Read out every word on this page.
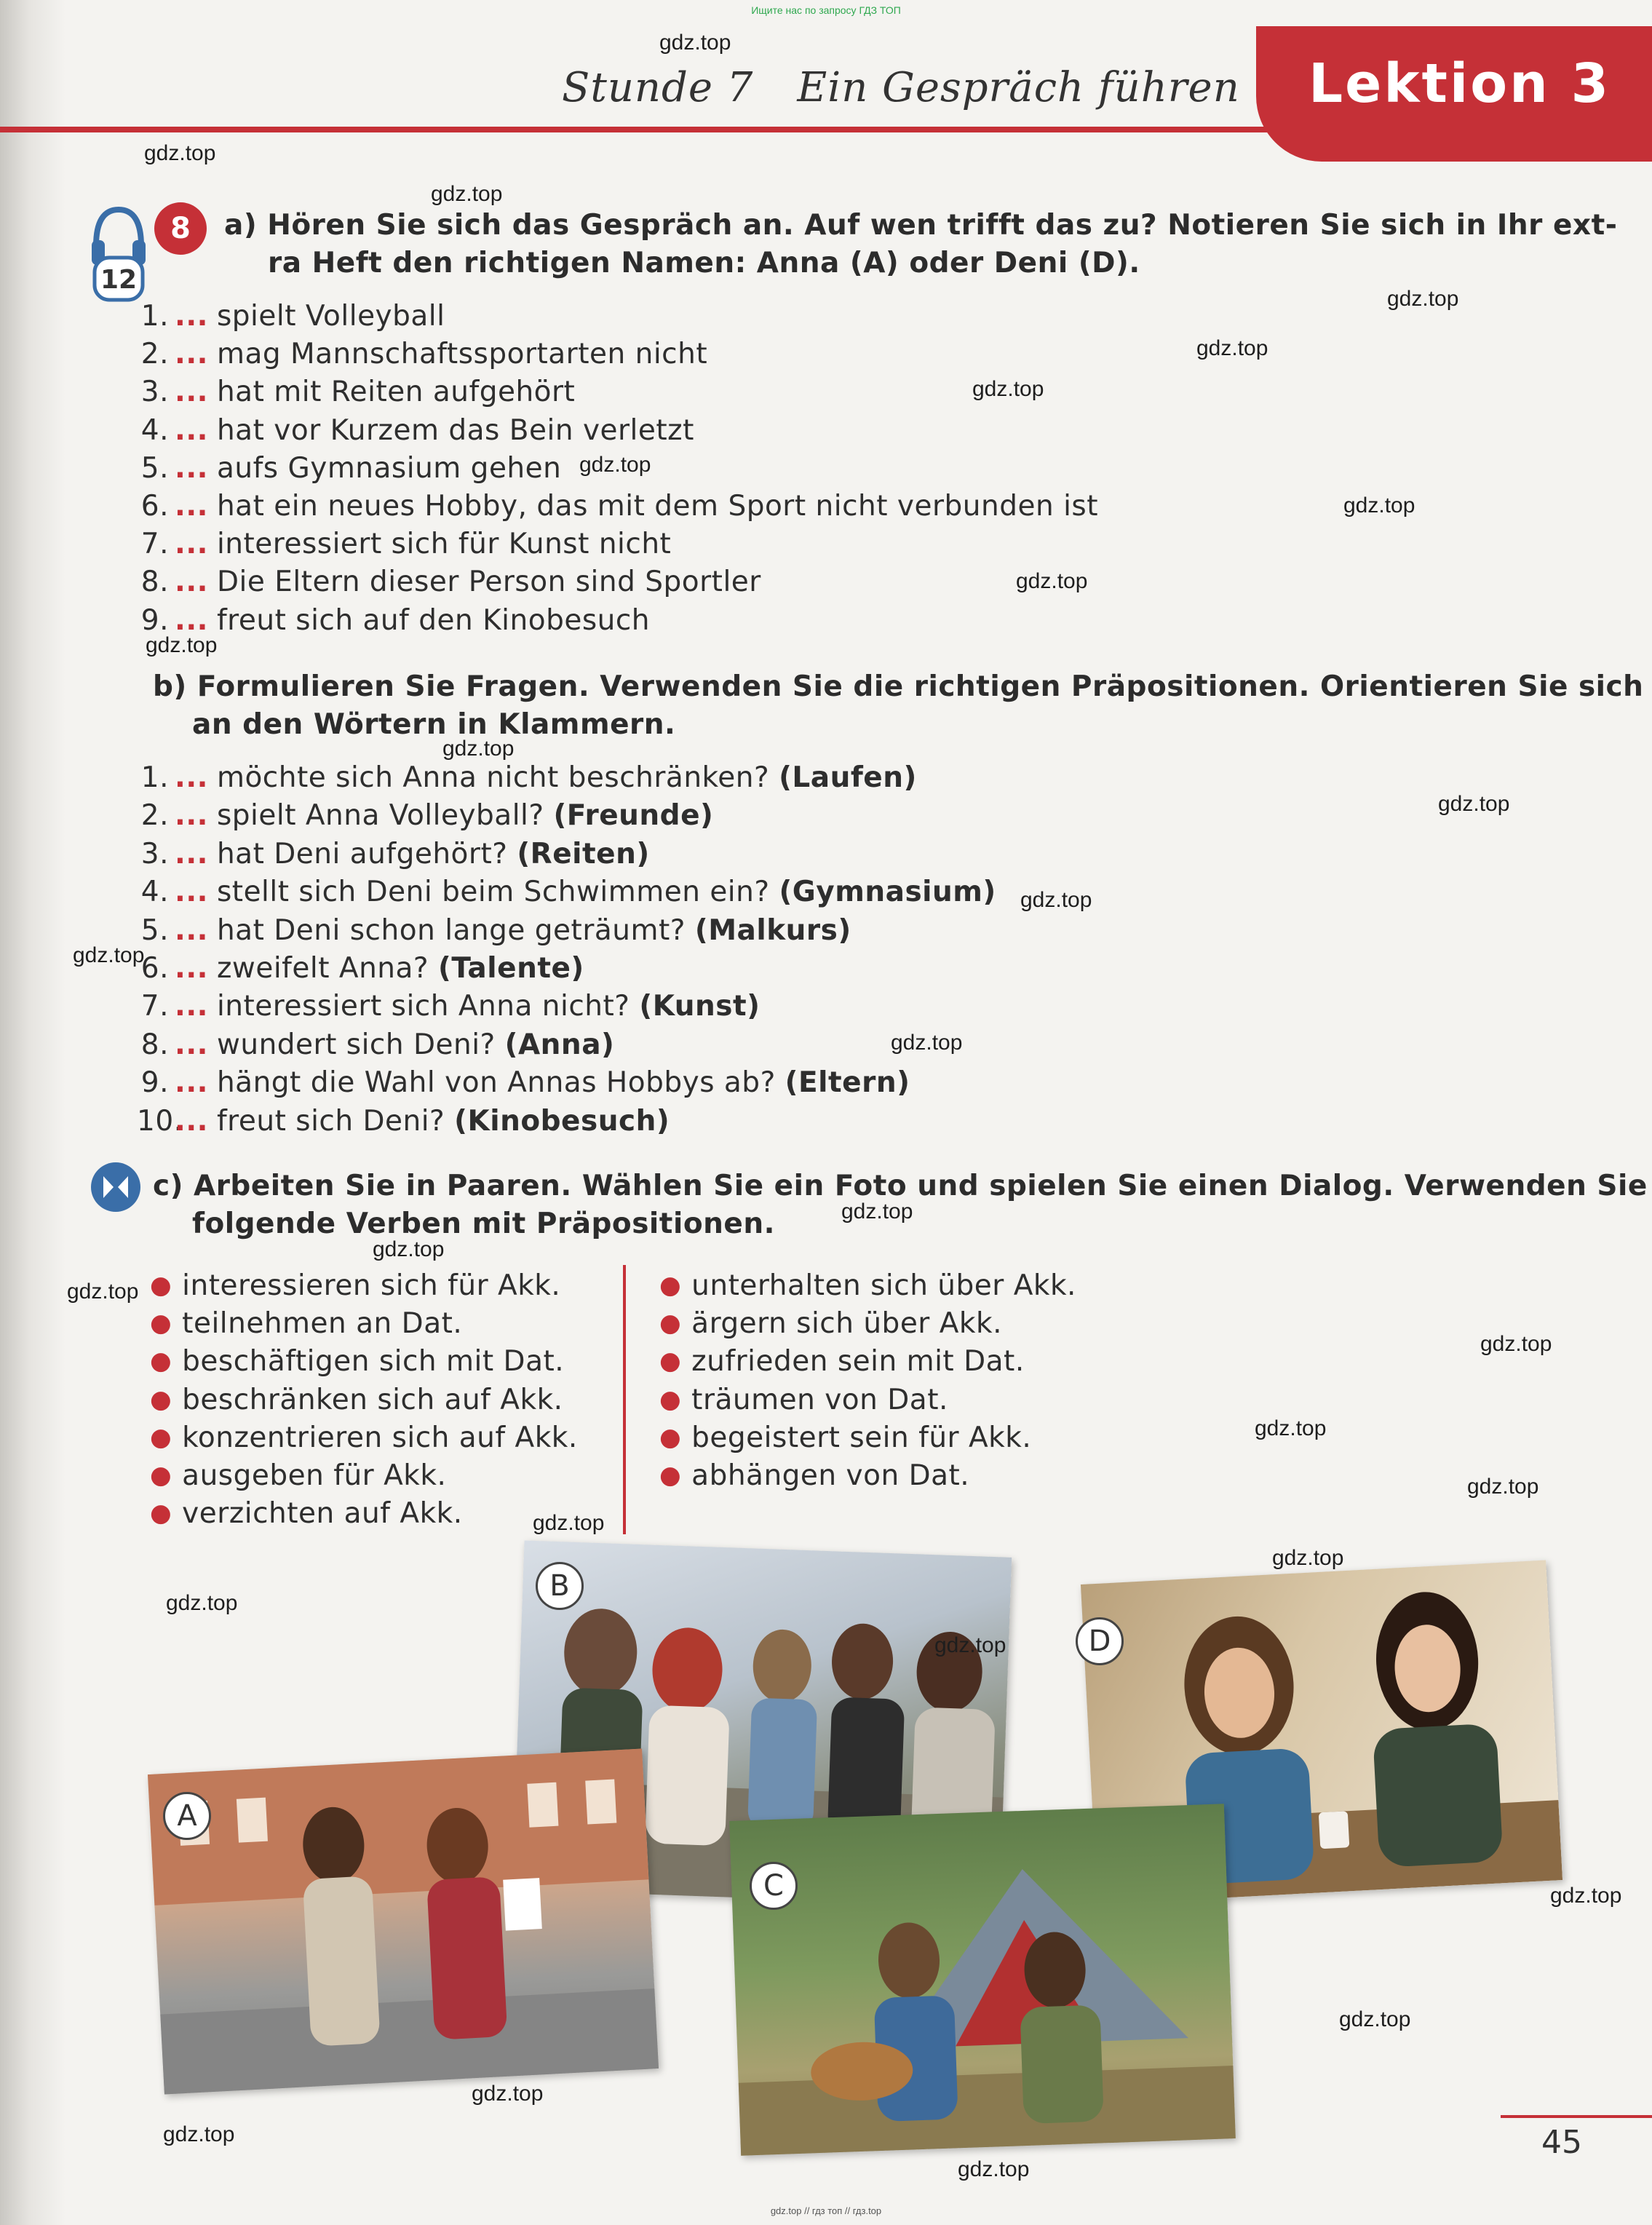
Ищите нас по запросу ГДЗ ТОП
Stunde 7 Ein Gespräch führen Lektion 3
12
8	a) Hören Sie sich das Gespräch an. Auf wen trifft das zu? Notieren Sie sich in Ihr ext-
ra Heft den richtigen Namen: Anna (A) oder Deni (D).
1. ... spielt Volleyball
2. ... mag Mannschaftssportarten nicht
3. ... hat mit Reiten aufgehört
4. ... hat vor Kurzem das Bein verletzt
5. ... aufs Gymnasium gehen
6. ... hat ein neues Hobby, das mit dem Sport nicht verbunden ist
7. ... interessiert sich für Kunst nicht
8. ... Die Eltern dieser Person sind Sportler
9. ... freut sich auf den Kinobesuch
b) Formulieren Sie Fragen. Verwenden Sie die richtigen Präpositionen. Orientieren Sie sich
an den Wörtern in Klammern.
1. ... möchte sich Anna nicht beschränken? (Laufen)
2. ... spielt Anna Volleyball? (Freunde)
3. ... hat Deni aufgehört? (Reiten)
4. ... stellt sich Deni beim Schwimmen ein? (Gymnasium)
5. ... hat Deni schon lange geträumt? (Malkurs)
6. ... zweifelt Anna? (Talente)
7. ... interessiert sich Anna nicht? (Kunst)
8. ... wundert sich Deni? (Anna)
9. ... hängt die Wahl von Annas Hobbys ab? (Eltern)
10.... freut sich Deni? (Kinobesuch)
c) Arbeiten Sie in Paaren. Wählen Sie ein Foto und spielen Sie einen Dialog. Verwenden Sie
folgende Verben mit Präpositionen.
● interessieren sich für Akk.
● teilnehmen an Dat.
● beschäftigen sich mit Dat.
● beschränken sich auf Akk.
● konzentrieren sich auf Akk.
● ausgeben für Akk.
● verzichten auf Akk.
● unterhalten sich über Akk.
● ärgern sich über Akk.
● zufrieden sein mit Dat.
● träumen von Dat.
● begeistert sein für Akk.
● abhängen von Dat.
B
D
A
C
45
gdz.top
gdz.top
gdz.top
gdz.top
gdz.top
gdz.top
gdz.top
gdz.top
gdz.top
gdz.top
gdz.top
gdz.top
gdz.top
gdz.top
gdz.top
gdz.top
gdz.top
gdz.top
gdz.top
gdz.top
gdz.top
gdz.top
gdz.top
gdz.top
gdz.top
gdz.top
gdz.top
gdz.top
gdz.top
gdz.top
gdz.top // гдз топ // гдз.top
